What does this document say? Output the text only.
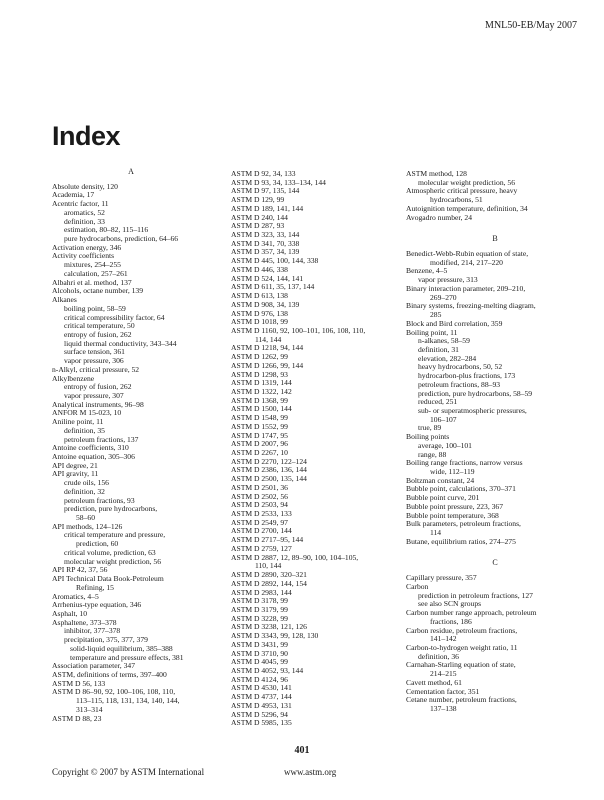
MNL50-EB/May 2007
Index
A
Absolute density, 120
Academia, 17
Acentric factor, 11
aromatics, 52
definition, 33
estimation, 80–82, 115–116
pure hydrocarbons, prediction, 64–66
Activation energy, 346
Activity coefficients
mixtures, 254–255
calculation, 257–261
Albahri et al. method, 137
Alcohols, octane number, 139
Alkanes
boiling point, 58–59
critical compressibility factor, 64
critical temperature, 50
entropy of fusion, 262
liquid thermal conductivity, 343–344
surface tension, 361
vapor pressure, 306
n-Alkyl, critical pressure, 52
Alkylbenzene
entropy of fusion, 262
vapor pressure, 307
Analytical instruments, 96–98
ANFOR M 15-023, 10
Aniline point, 11
definition, 35
petroleum fractions, 137
Antoine coefficients, 310
Antoine equation, 305–306
API degree, 21
API gravity, 11
crude oils, 156
definition, 32
petroleum fractions, 93
prediction, pure hydrocarbons,
58–60
API methods, 124–126
critical temperature and pressure,
prediction, 60
critical volume, prediction, 63
molecular weight prediction, 56
API RP 42, 37, 56
API Technical Data Book-Petroleum
Refining, 15
Aromatics, 4–5
Arrhenius-type equation, 346
Asphalt, 10
Asphaltene, 373–378
inhibitor, 377–378
precipitation, 375, 377, 379
solid-liquid equilibrium, 385–388
temperature and pressure effects, 381
Association parameter, 347
ASTM, definitions of terms, 397–400
ASTM D 56, 133
ASTM D 86–90, 92, 100–106, 108, 110,
113–115, 118, 131, 134, 140, 144,
313–314
ASTM D 88, 23
ASTM D 92, 34, 133
ASTM D 93, 34, 133–134, 144
ASTM D 97, 135, 144
ASTM D 129, 99
ASTM D 189, 141, 144
ASTM D 240, 144
ASTM D 287, 93
ASTM D 323, 33, 144
ASTM D 341, 70, 338
ASTM D 357, 34, 139
ASTM D 445, 100, 144, 338
ASTM D 446, 338
ASTM D 524, 144, 141
ASTM D 611, 35, 137, 144
ASTM D 613, 138
ASTM D 908, 34, 139
ASTM D 976, 138
ASTM D 1018, 99
ASTM D 1160, 92, 100–101, 106, 108, 110,
114, 144
ASTM D 1218, 94, 144
ASTM D 1262, 99
ASTM D 1266, 99, 144
ASTM D 1298, 93
ASTM D 1319, 144
ASTM D 1322, 142
ASTM D 1368, 99
ASTM D 1500, 144
ASTM D 1548, 99
ASTM D 1552, 99
ASTM D 1747, 95
ASTM D 2007, 96
ASTM D 2267, 10
ASTM D 2270, 122–124
ASTM D 2386, 136, 144
ASTM D 2500, 135, 144
ASTM D 2501, 36
ASTM D 2502, 56
ASTM D 2503, 94
ASTM D 2533, 133
ASTM D 2549, 97
ASTM D 2700, 144
ASTM D 2717–95, 144
ASTM D 2759, 127
ASTM D 2887, 12, 89–90, 100, 104–105,
110, 144
ASTM D 2890, 320–321
ASTM D 2892, 144, 154
ASTM D 2983, 144
ASTM D 3178, 99
ASTM D 3179, 99
ASTM D 3228, 99
ASTM D 3238, 121, 126
ASTM D 3343, 99, 128, 130
ASTM D 3431, 99
ASTM D 3710, 90
ASTM D 4045, 99
ASTM D 4052, 93, 144
ASTM D 4124, 96
ASTM D 4530, 141
ASTM D 4737, 144
ASTM D 4953, 131
ASTM D 5296, 94
ASTM D 5985, 135
ASTM method, 128
molecular weight prediction, 56
Atmospheric critical pressure, heavy
hydrocarbons, 51
Autoignition temperature, definition, 34
Avogadro number, 24
B
Benedict-Webb-Rubin equation of state,
modified, 214, 217–220
Benzene, 4–5
vapor pressure, 313
Binary interaction parameter, 209–210,
269–270
Binary systems, freezing-melting diagram,
285
Block and Bird correlation, 359
Boiling point, 11
n-alkanes, 58–59
definition, 31
elevation, 282–284
heavy hydrocarbons, 50, 52
hydrocarbon-plus fractions, 173
petroleum fractions, 88–93
prediction, pure hydrocarbons, 58–59
reduced, 251
sub- or superatmospheric pressures,
106–107
true, 89
Boiling points
average, 100–101
range, 88
Boiling range fractions, narrow versus
wide, 112–119
Boltzman constant, 24
Bubble point, calculations, 370–371
Bubble point curve, 201
Bubble point pressure, 223, 367
Bubble point temperature, 368
Bulk parameters, petroleum fractions,
114
Butane, equilibrium ratios, 274–275
C
Capillary pressure, 357
Carbon
prediction in petroleum fractions, 127
see also SCN groups
Carbon number range approach, petroleum
fractions, 186
Carbon residue, petroleum fractions,
141–142
Carbon-to-hydrogen weight ratio, 11
definition, 36
Carnahan-Starling equation of state,
214–215
Cavett method, 61
Cementation factor, 351
Cetane number, petroleum fractions,
137–138
401
Copyright © 2007 by ASTM International	www.astm.org
